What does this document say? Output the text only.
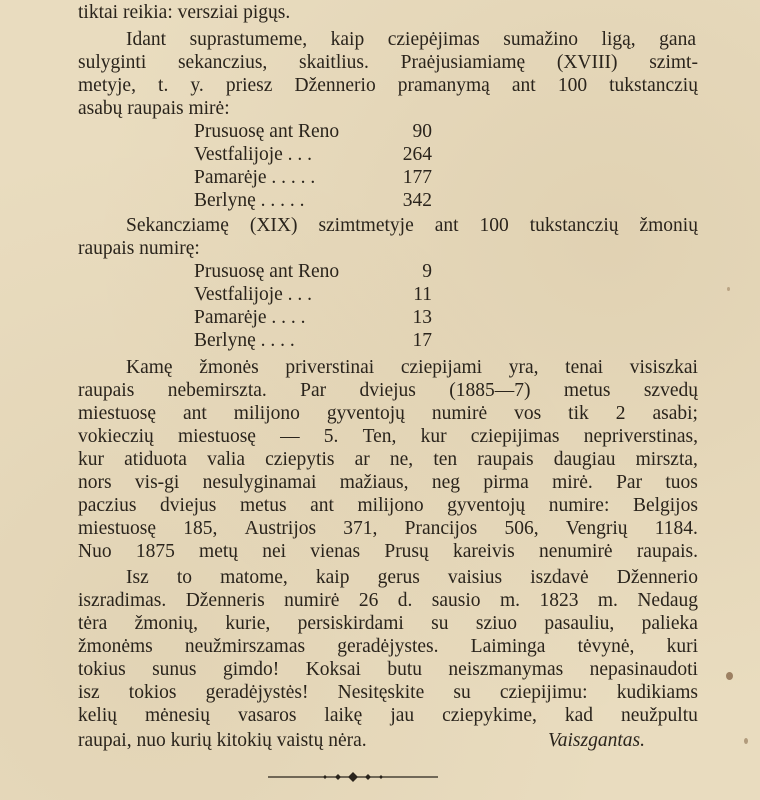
tiktai reikia: versziai pigųs.
Idant suprastumeme, kaip cziepėjimas sumažino ligą, gana
sulyginti sekanczius, skaitlius. Praėjusiamiamę (XVIII) szimt-
metyje, t. y. priesz Džennerio pramanymą ant 100 tukstanczių
asabų raupais mirė:
Prusuosę ant Reno	90
Vestfalijoje . . .	264
Pamarėje . . . . .	177
Berlynę . . . . .	342
Sekancziamę (XIX) szimtmetyje ant 100 tukstanczių žmonių
raupais numirę:
Prusuosę ant Reno	9
Vestfalijoje . . .	11
Pamarėje . . . .	13
Berlynę . . . .	17
Kamę žmonės priverstinai cziepijami yra, tenai visiszkai
raupais nebemirszta. Par dviejus (1885—7) metus szvedų
miestuosę ant milijono gyventojų numirė vos tik 2 asabi;
vokieczių miestuosę — 5. Ten, kur cziepijimas nepriverstinas,
kur atiduota valia cziepytis ar ne, ten raupais daugiau mirszta,
nors vis-gi nesulyginamai mažiaus, neg pirma mirė. Par tuos
paczius dviejus metus ant milijono gyventojų numire: Belgijos
miestuosę 185, Austrijos 371, Prancijos 506, Vengrių 1184.
Nuo 1875 metų nei vienas Prusų kareivis nenumirė raupais.
Isz to matome, kaip gerus vaisius iszdavė Džennerio
iszradimas. Dženneris numirė 26 d. sausio m. 1823 m. Nedaug
tėra žmonių, kurie, persiskirdami su sziuo pasauliu, palieka
žmonėms neužmirszamas geradėjystes. Laiminga tėvynė, kuri
tokius sunus gimdo! Koksai butu neiszmanymas nepasinaudoti
isz tokios geradėjystės! Nesitęskite su cziepijimu: kudikiams
kelių mėnesių vasaros laikę jau cziepykime, kad neužpultu
raupai, nuo kurių kitokių vaistų nėra.	Vaiszgantas.
